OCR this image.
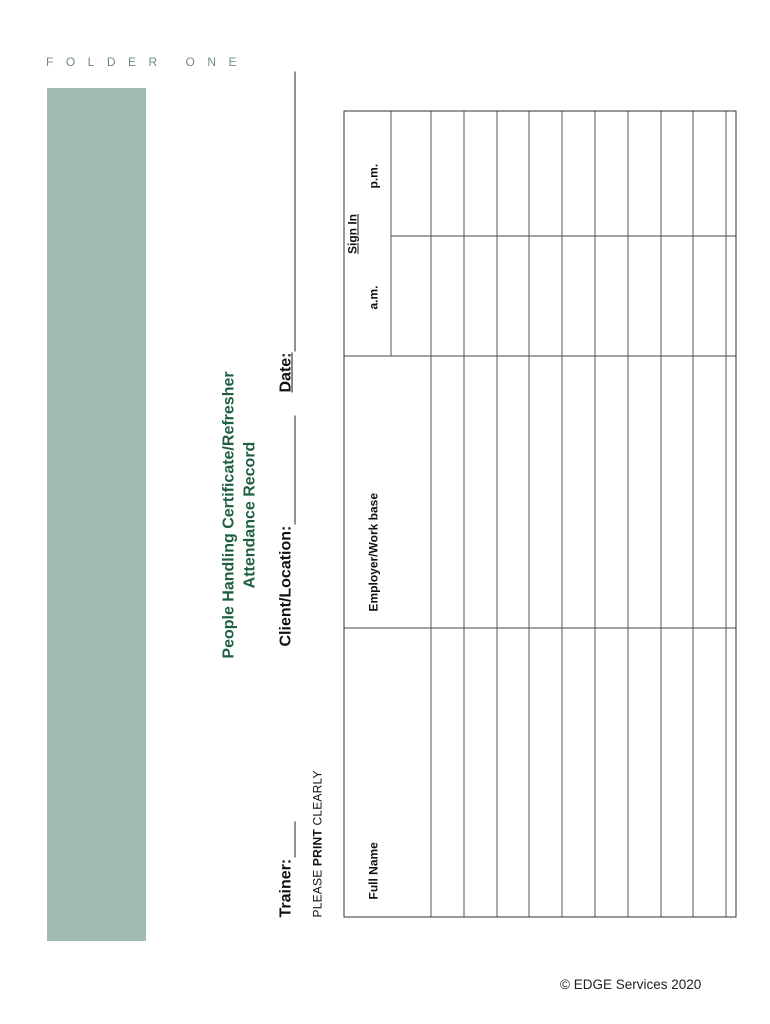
FOLDER ONE
People Handling Certificate/Refresher Attendance Record
Trainer:
Client/Location:
Date:
PLEASE PRINT CLEARLY
Full Name
Employer/Work base
Sign In
a.m.
p.m.
© EDGE Services 2020
